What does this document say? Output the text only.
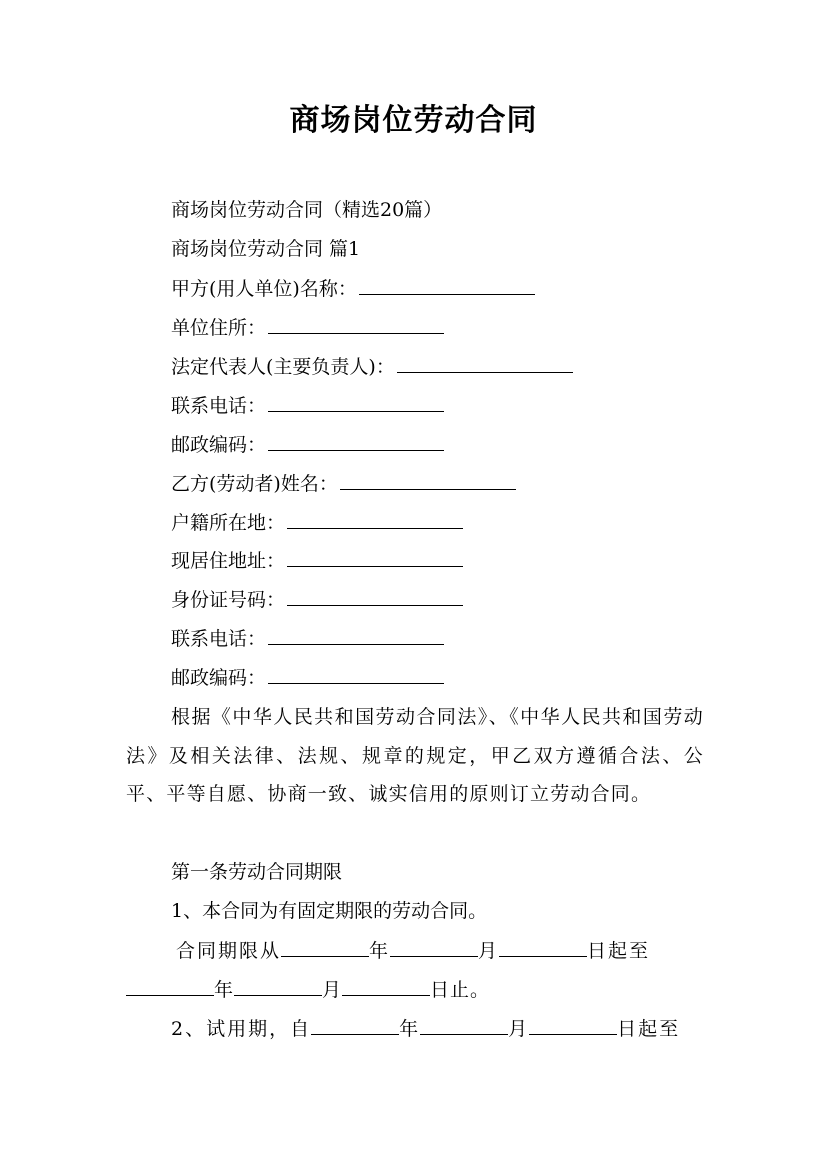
商场岗位劳动合同
商场岗位劳动合同（精选20篇）
商场岗位劳动合同 篇1
甲方(用人单位)名称：
单位住所：
法定代表人(主要负责人)：
联系电话：
邮政编码：
乙方(劳动者)姓名：
户籍所在地：
现居住地址：
身份证号码：
联系电话：
邮政编码：
根据《中华人民共和国劳动合同法》、《中华人民共和国劳动法》及相关法律、法规、规章的规定，甲乙双方遵循合法、公平、平等自愿、协商一致、诚实信用的原则订立劳动合同。
第一条劳动合同期限
1、本合同为有固定期限的劳动合同。
合同期限从	年	月	日起至
年	月	日止。
2、试用期，自	年	月	日起至
